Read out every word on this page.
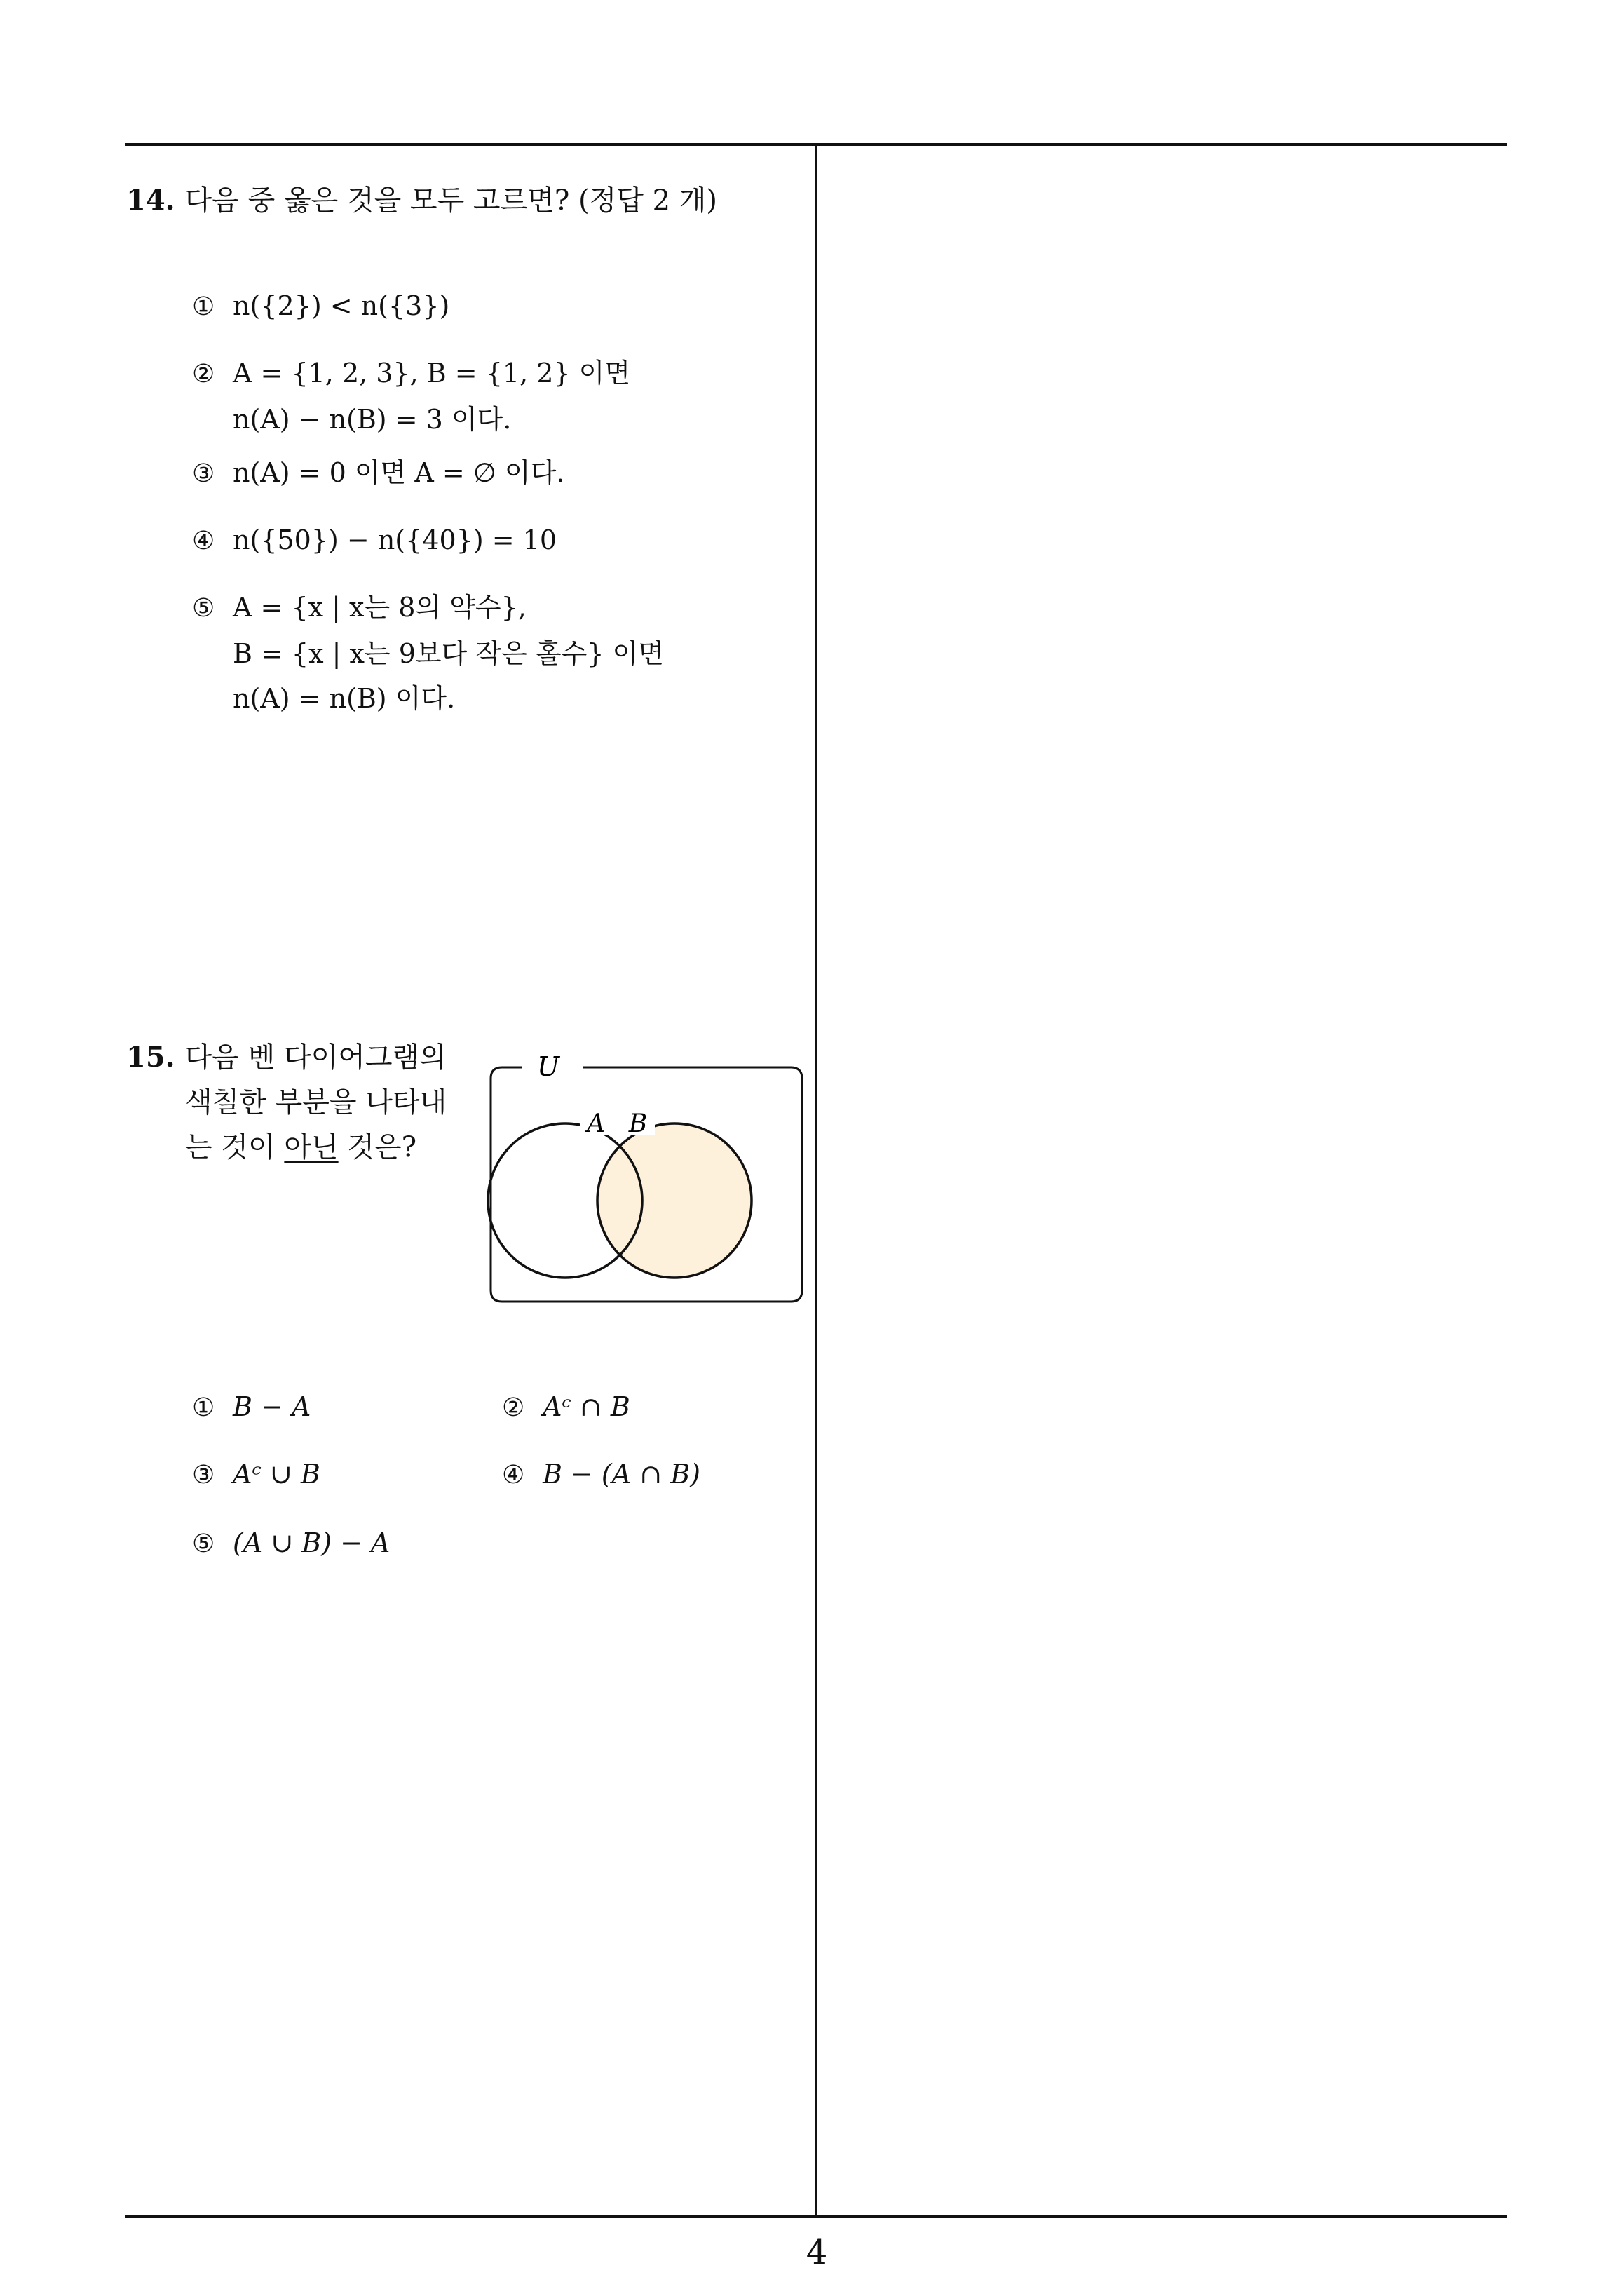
14. 다음 중 옳은 것을 모두 고르면? (정답 2 개)
① n({2}) < n({3})
② A = {1, 2, 3}, B = {1, 2} 이면
n(A) − n(B) = 3 이다.
③ n(A) = 0 이면 A = ∅ 이다.
④ n({50}) − n({40}) = 10
⑤ A = {x | x는 8의 약수},
B = {x | x는 9보다 작은 홀수} 이면
n(A) = n(B) 이다.
15. 다음 벤 다이어그램의
색칠한 부분을 나타내
는 것이 아닌 것은?
U
A B
① B − A	② Aᶜ ∩ B
③ Aᶜ ∪ B	④ B − (A ∩ B)
⑤ (A ∪ B) − A
4
